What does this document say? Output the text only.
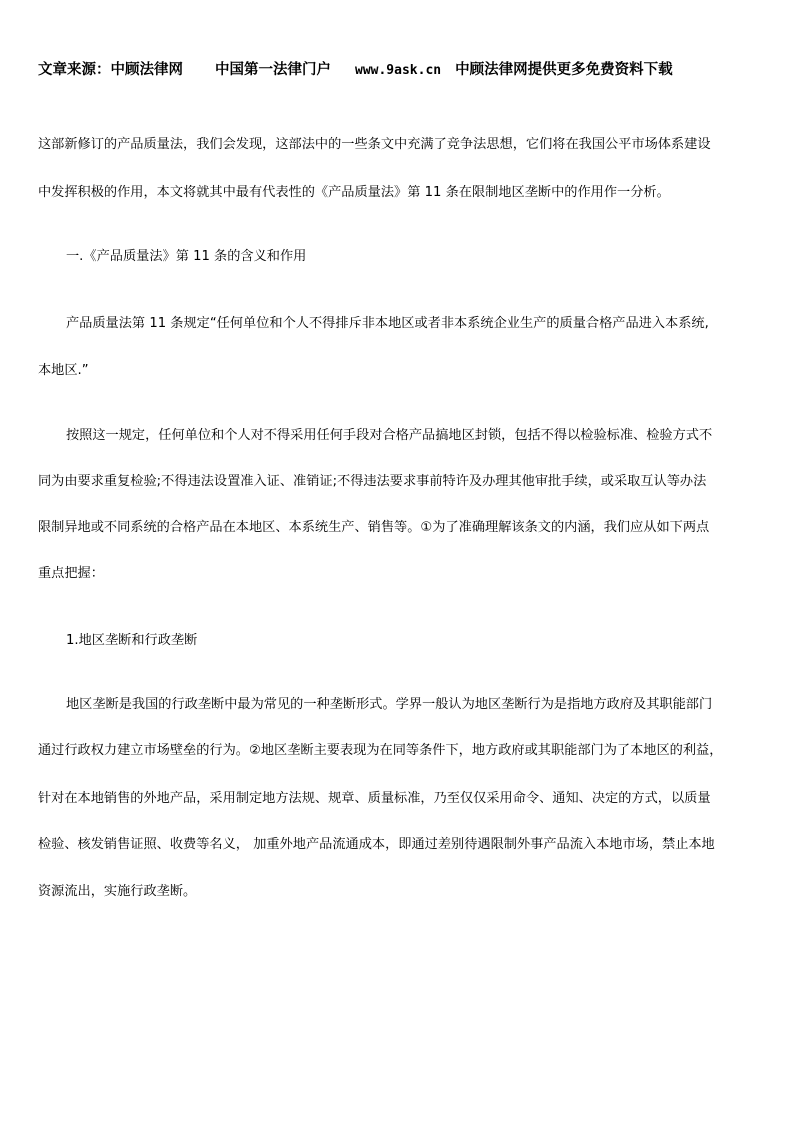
文章来源：中顾法律网 中国第一法律门户 www.9ask.cn 中顾法律网提供更多免费资料下载
这部新修订的产品质量法，我们会发现，这部法中的一些条文中充满了竞争法思想，它们将在我国公平市场体系建设
中发挥积极的作用，本文将就其中最有代表性的《产品质量法》第 11 条在限制地区垄断中的作用作一分析。
一.《产品质量法》第 11 条的含义和作用
产品质量法第 11 条规定“任何单位和个人不得排斥非本地区或者非本系统企业生产的质量合格产品进入本系统,
本地区.”
按照这一规定，任何单位和个人对不得采用任何手段对合格产品搞地区封锁，包括不得以检验标准、检验方式不
同为由要求重复检验;不得违法设置准入证、准销证;不得违法要求事前特许及办理其他审批手续，或采取互认等办法
限制异地或不同系统的合格产品在本地区、本系统生产、销售等。①为了准确理解该条文的内涵，我们应从如下两点
重点把握：
1.地区垄断和行政垄断
地区垄断是我国的行政垄断中最为常见的一种垄断形式。学界一般认为地区垄断行为是指地方政府及其职能部门
通过行政权力建立市场壁垒的行为。②地区垄断主要表现为在同等条件下，地方政府或其职能部门为了本地区的利益，
针对在本地销售的外地产品，采用制定地方法规、规章、质量标准，乃至仅仅采用命令、通知、决定的方式，以质量
检验、核发销售证照、收费等名义， 加重外地产品流通成本，即通过差别待遇限制外事产品流入本地市场，禁止本地
资源流出，实施行政垄断。
